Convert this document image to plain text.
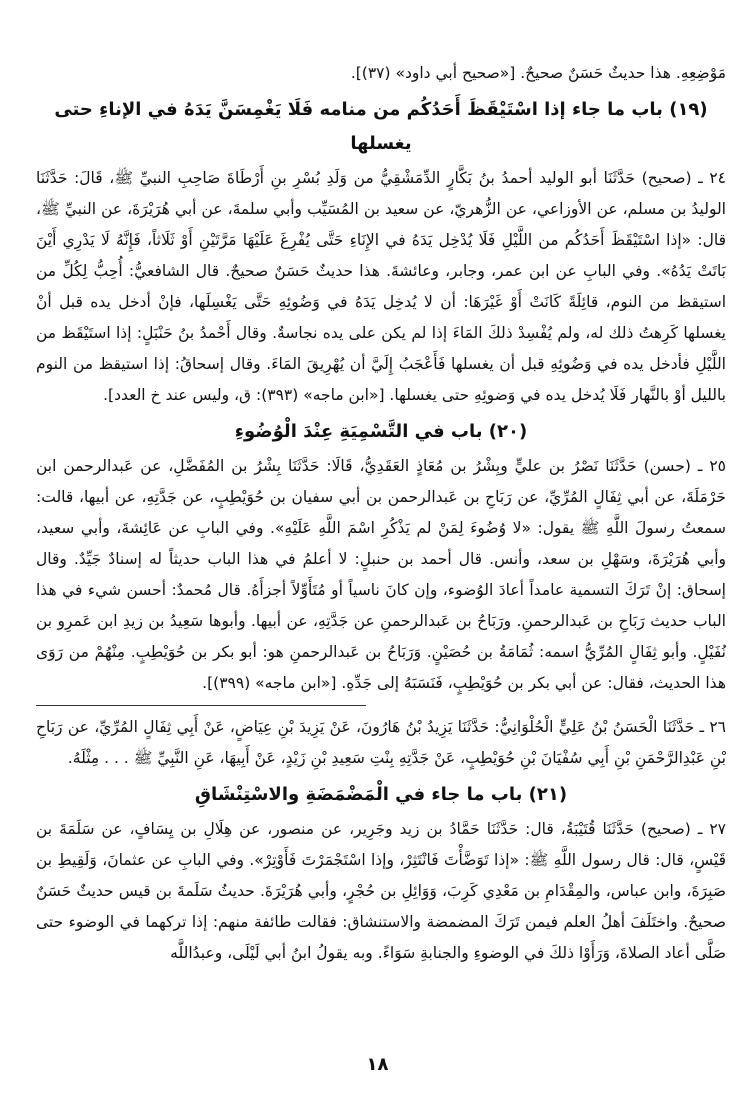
مَوْضِعِهِ. هذا حديثٌ حَسَنٌ صحيحٌ. [«صحيح أبي داود» (٣٧)].

(١٩) باب ما جاء إذا اسْتَيْقَظَ أَحَدُكُم من منامه فَلَا يَغْمِسَنَّ يَدَهُ في الإناءِ حتى يغسلها

٢٤ ـ (صحيح) حَدَّثَنَا أبو الوليد أحمدُ بنُ بَكَّارٍ الدِّمَشْقِيُّ من وَلَدِ بُسْرِ بنِ أَرْطَاةَ صَاحِبِ النبيِّ ﷺ، قَالَ: حَدَّثَنَا الوليدُ بن مسلم، عن الأوزاعي، عن الزُّهريّ، عن سعيد بن المُسَيِّب وأبي سلمةَ، عن أبي هُرَيْرَةَ، عن النبيِّ ﷺ، قال: «إذا اسْتَيْقَظَ أَحَدُكُم من اللَّيْلِ فَلَا يُدْخِل يَدَهُ في الإِنَاءِ حَتَّى يُفْرِغَ عَلَيْهَا مَرَّتَيْنِ أَوْ ثَلَاثاً، فَإِنَّهُ لَا يَدْرِي أَيْنَ بَاتَتْ يَدُهُ». وفي البابِ عن ابن عمر، وجابر، وعائشةَ. هذا حديثٌ حَسَنٌ صحيحٌ. قال الشافعيُّ: أُحِبُّ لِكُلِّ من استيقظ من النوم، قائِلَةً كَانَتْ أَوْ غَيْرَهَا: أن لا يُدخِل يَدَهُ في وَضُوئِهِ حَتَّى يَغْسِلَها، فإنْ أدخل يده قبل أنْ يغسلها كَرِهتُ ذلك له، ولم يُفْسِدْ ذلكَ المَاءَ إذا لم يكن على يده نجاسةٌ. وقال أَحْمدُ بنُ حَنْبَلٍ: إذا استَيْقَظ من اللَّيْلِ فأدخل يده في وَضُوئِهِ قبل أن يغسلها فَأَعْجَبُ إِلَيَّ أن يُهْرِيقَ المَاءَ. وقال إسحاقُ: إذا استيقظ من النوم بالليل أوْ بالنَّهار فَلَا يُدخل يده في وَضوئِهِ حتى يغسلها. [«ابن ماجه» (٣٩٣): ق، وليس عند خ العدد].

(٢٠) باب في التَّسْمِيَةِ عِنْدَ الْوُضُوءِ

٢٥ ـ (حسن) حَدَّثَنَا نَصْرُ بن عليٍّ وبِشْرُ بن مُعَاذٍ العَقَدِيُّ، قَالَا: حَدَّثَنَا بِشْرُ بن المُفَضَّلِ، عن عَبدالرحمن ابن حَرْمَلَةَ، عن أبي ثِفَالٍ المُرِّيِّ، عن رَبَاحِ بن عَبدالرحمن بن أبي سفيان بن حُوَيْطِبٍ، عن جَدَّتِهِ، عن أبيها، قالت: سمعتُ رسولَ اللَّهِ ﷺ يقول: «لا وُضُوءَ لِمَنْ لم يَذْكُرِ اسْمَ اللَّهِ عَلَيْهِ». وفي البابِ عن عَائِشةَ، وأبي سعيد، وأبي هُرَيْرَةَ، وسَهْلِ بن سعد، وأنس. قال أحمد بن حنبلٍ: لا أعلمُ في هذا الباب حديثاً له إسنادٌ جَيِّدٌ. وقال إسحاق: إنْ تَرَكَ التسمية عامداً أعادَ الوُضوء، وإن كانَ ناسياً أو مُتَأَوِّلاً أجزأَهُ. قال مُحمدٌ: أحسن شيء في هذا الباب حديث رَبَاحِ بن عَبدالرحمنِ. ورَبَاحُ بن عَبدالرحمنِ عن جَدَّتِهِ، عن أبيها. وأبوها سَعِيدُ بن زيدِ ابن عَمرِو بن نُفَيْلٍ. وأبو ثِفَالٍ المُرِّيُّ اسمه: ثُمَامَةُ بن حُصَيْنٍ. وَرَبَاحُ بن عَبدالرحمنِ هو: أبو بكر بن حُوَيْطِبٍ. مِنْهُمْ من رَوَى هذا الحديث، فقال: عن أبي بكر بن حُوَيْطِبٍ، فَنَسَبَهُ إلى جَدِّهِ. [«ابن ماجه» (٣٩٩)].

٢٦ ـ حَدَّثَنَا الْحَسَنُ بْنُ عَلِيٍّ الْحُلْوَانِيُّ: حَدَّثَنَا يَزِيدُ بْنُ هَارُونَ، عَنْ يَزِيدَ بْنِ عِيَاضٍ، عَنْ أَبِي ثِفَالٍ المُرِّيِّ، عن رَبَاحِ بْنِ عَبْدِالرَّحْمَنِ بْنِ أَبِي سُفْيَانَ بْنِ حُوَيْطِبٍ، عَنْ جَدَّتِهِ بِنْتِ سَعِيدِ بْنِ زَيْدٍ، عَنْ أَبِيهَا، عَنِ النَّبِيِّ ﷺ . . . مِثْلَهُ.

(٢١) باب ما جاء في الْمَضْمَضَةِ والاسْتِنْشَاقِ

٢٧ ـ (صحيح) حَدَّثَنَا قُتَيْبَةُ، قال: حَدَّثَنَا حَمَّادُ بن زيد وجَرِير، عن منصور، عن هِلَالِ بن يِسَافٍ، عن سَلَمَةَ بن قَيْسٍ، قال: قال رسول اللَّهِ ﷺ: «إذا تَوَضَّأْتَ فَانْتَثِرْ، وإذا اسْتَجْمَرْتَ فَأَوْتِرْ». وفي البابِ عن عثمانَ، وَلَقِيطِ بن صَبِرَةَ، وابن عباس، والمِقْدَامِ بن مَعْدِي كَرِبَ، وَوَائِلِ بن حُجْرٍ، وأبي هُرَيْرَةَ. حديثُ سَلَمةَ بن قيس حديثٌ حَسَنٌ صحيحٌ. واختَلَفَ أهلُ العلم فيمن تَرَكَ المضمضة والاستنشاق: فقالت طائفة منهم: إذا تركهما في الوضوء حتى صَلَّى أعاد الصلاةَ، وَرَأَوْا ذلكَ في الوضوءِ والجنابةِ سَوَاءً. وبه يقولُ ابنُ أبي لَيْلَى، وعبدُاللَّه

١٨
